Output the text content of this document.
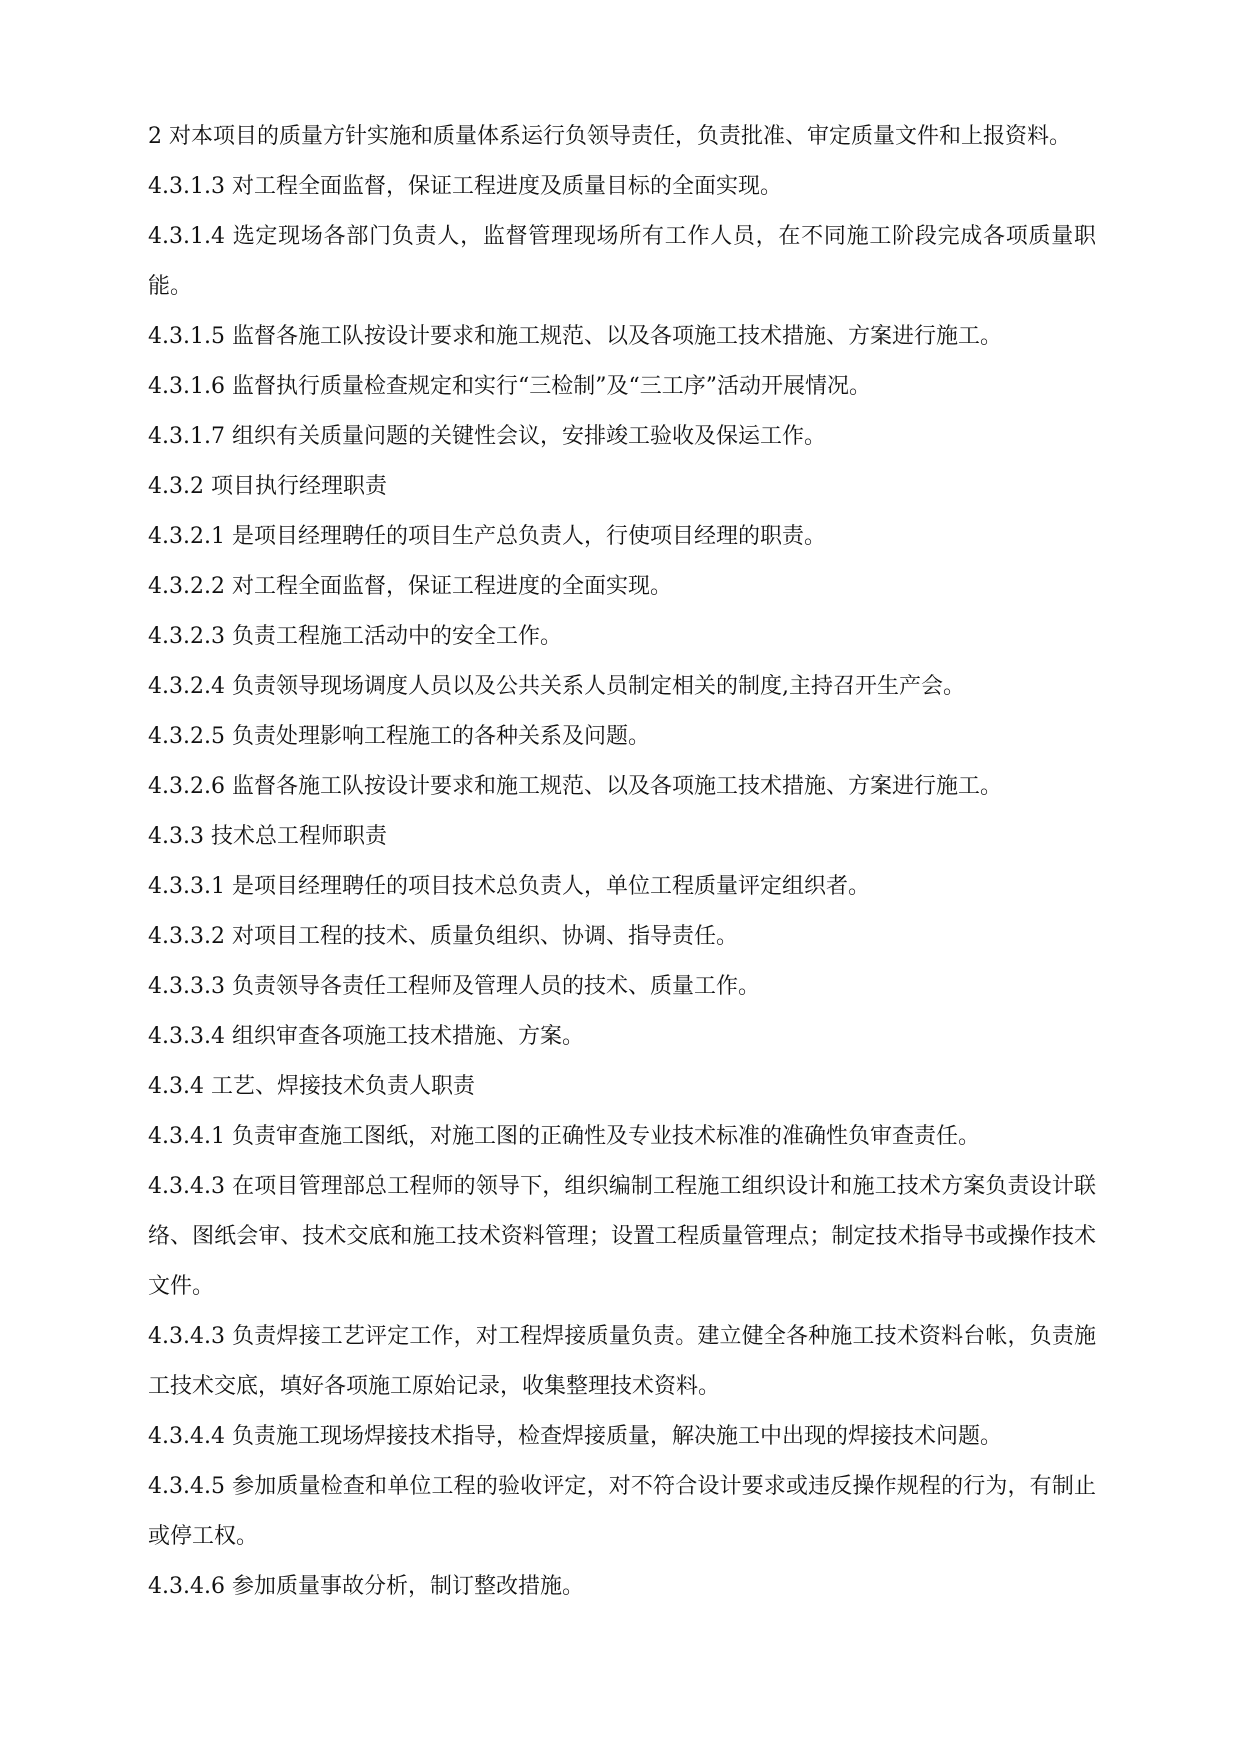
2 对本项目的质量方针实施和质量体系运行负领导责任，负责批准、审定质量文件和上报资料。

4.3.1.3 对工程全面监督，保证工程进度及质量目标的全面实现。

4.3.1.4 选定现场各部门负责人，监督管理现场所有工作人员，在不同施工阶段完成各项质量职能。

4.3.1.5 监督各施工队按设计要求和施工规范、以及各项施工技术措施、方案进行施工。

4.3.1.6 监督执行质量检查规定和实行“三检制”及“三工序”活动开展情况。

4.3.1.7 组织有关质量问题的关键性会议，安排竣工验收及保运工作。

4.3.2 项目执行经理职责

4.3.2.1 是项目经理聘任的项目生产总负责人，行使项目经理的职责。

4.3.2.2 对工程全面监督，保证工程进度的全面实现。

4.3.2.3 负责工程施工活动中的安全工作。

4.3.2.4 负责领导现场调度人员以及公共关系人员制定相关的制度,主持召开生产会。

4.3.2.5 负责处理影响工程施工的各种关系及问题。

4.3.2.6 监督各施工队按设计要求和施工规范、以及各项施工技术措施、方案进行施工。

4.3.3 技术总工程师职责

4.3.3.1 是项目经理聘任的项目技术总负责人，单位工程质量评定组织者。

4.3.3.2 对项目工程的技术、质量负组织、协调、指导责任。

4.3.3.3 负责领导各责任工程师及管理人员的技术、质量工作。

4.3.3.4 组织审查各项施工技术措施、方案。

4.3.4 工艺、焊接技术负责人职责

4.3.4.1 负责审查施工图纸，对施工图的正确性及专业技术标准的准确性负审查责任。

4.3.4.3 在项目管理部总工程师的领导下，组织编制工程施工组织设计和施工技术方案负责设计联络、图纸会审、技术交底和施工技术资料管理；设置工程质量管理点；制定技术指导书或操作技术文件。

4.3.4.3 负责焊接工艺评定工作，对工程焊接质量负责。建立健全各种施工技术资料台帐，负责施工技术交底，填好各项施工原始记录，收集整理技术资料。

4.3.4.4 负责施工现场焊接技术指导，检查焊接质量，解决施工中出现的焊接技术问题。

4.3.4.5 参加质量检查和单位工程的验收评定，对不符合设计要求或违反操作规程的行为，有制止或停工权。

4.3.4.6 参加质量事故分析，制订整改措施。
